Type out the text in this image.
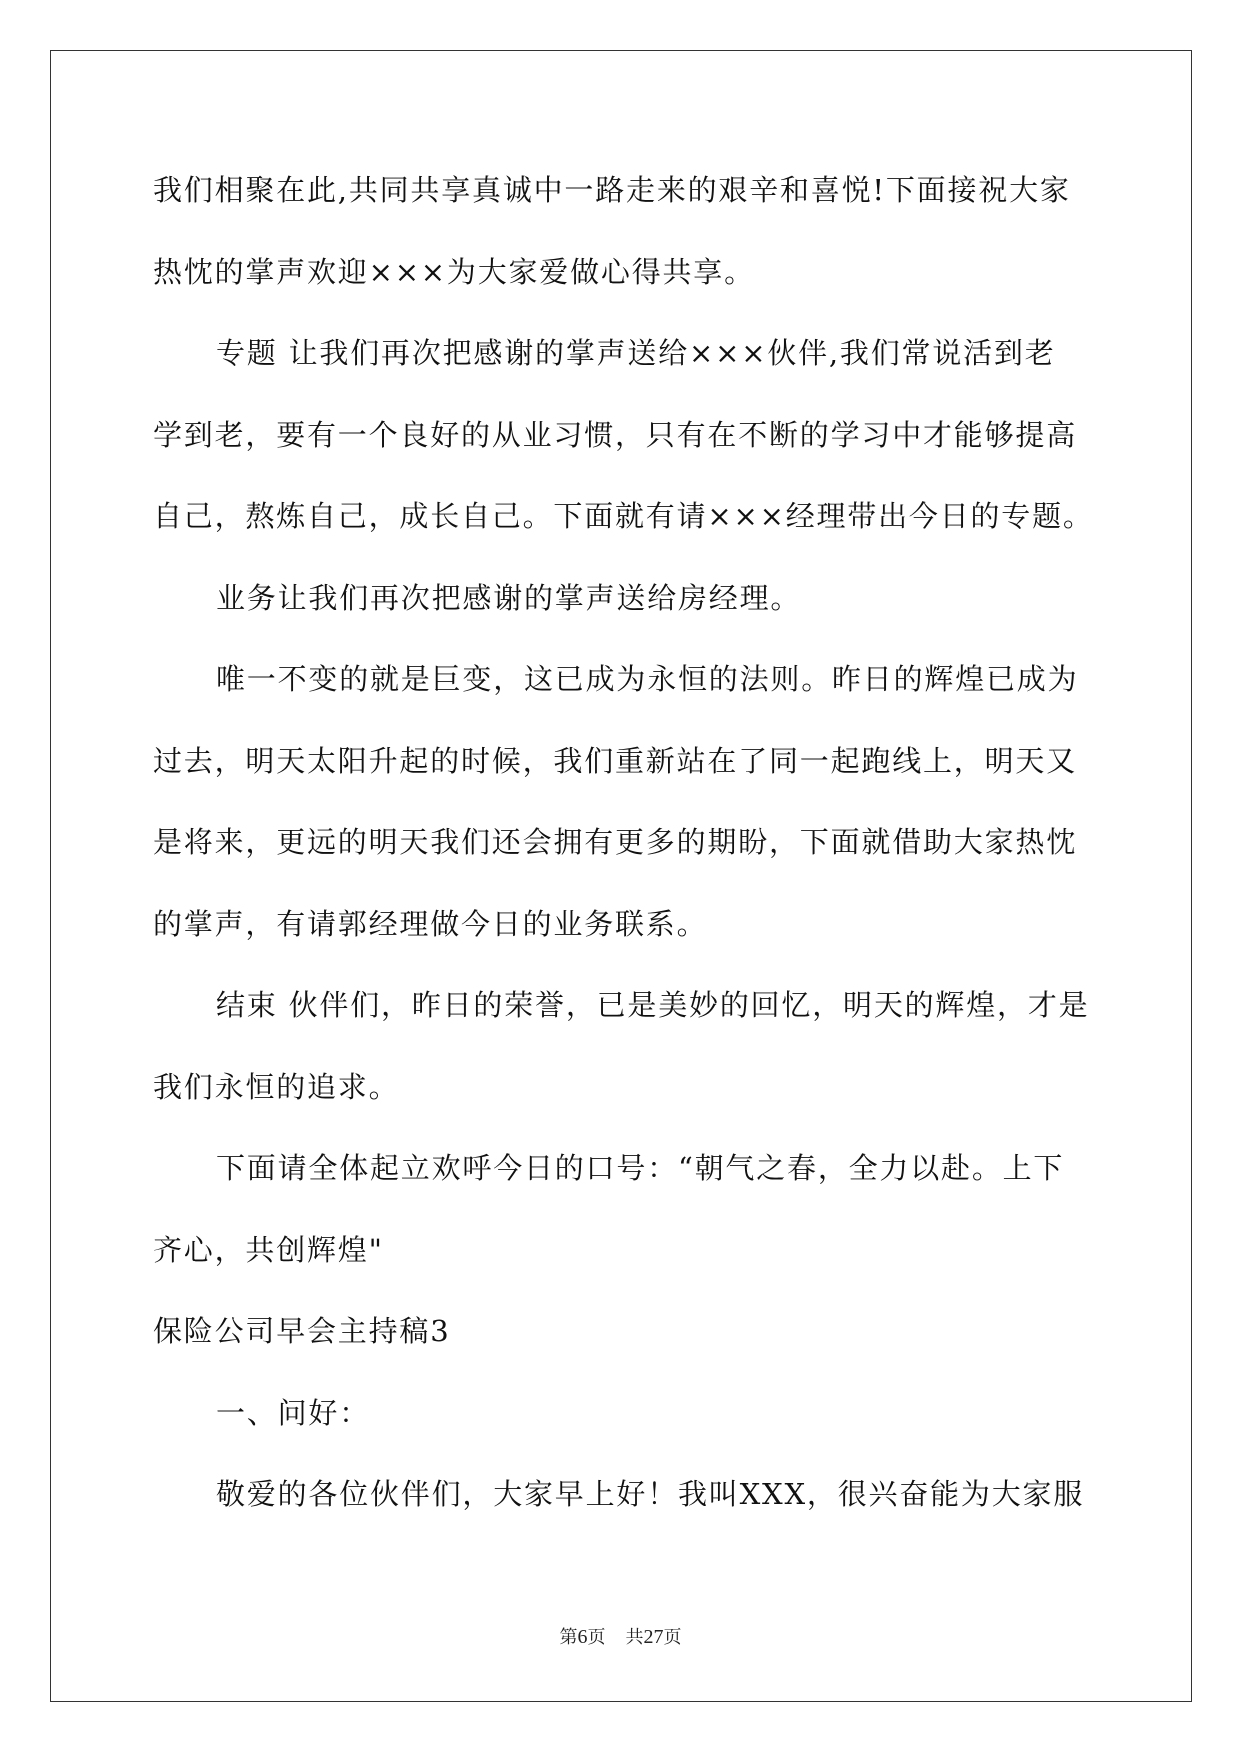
我们相聚在此,共同共享真诚中一路走来的艰辛和喜悦!下面接祝大家
热忱的掌声欢迎×××为大家爱做心得共享。
专题 让我们再次把感谢的掌声送给×××伙伴,我们常说活到老
学到老，要有一个良好的从业习惯，只有在不断的学习中才能够提高
自己，熬炼自己，成长自己。下面就有请×××经理带出今日的专题。
业务让我们再次把感谢的掌声送给房经理。
唯一不变的就是巨变，这已成为永恒的法则。昨日的辉煌已成为
过去，明天太阳升起的时候，我们重新站在了同一起跑线上，明天又
是将来，更远的明天我们还会拥有更多的期盼，下面就借助大家热忱
的掌声，有请郭经理做今日的业务联系。
结束 伙伴们，昨日的荣誉，已是美妙的回忆，明天的辉煌，才是
我们永恒的追求。
下面请全体起立欢呼今日的口号：“朝气之春，全力以赴。上下
齐心，共创辉煌"
保险公司早会主持稿3
一、问好：
敬爱的各位伙伴们，大家早上好！我叫XXX，很兴奋能为大家服
第6页 共27页
